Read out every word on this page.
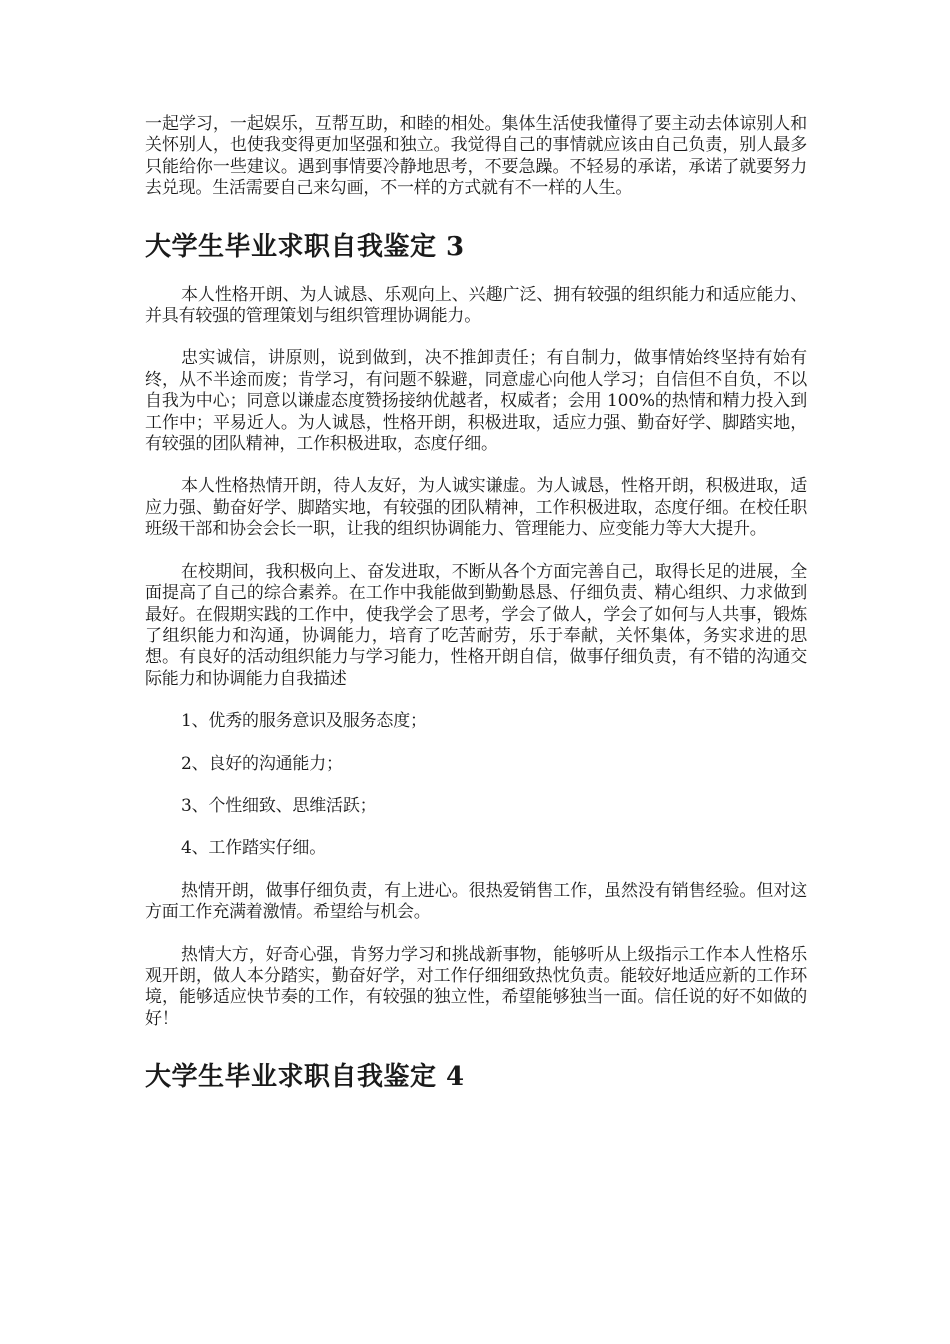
一起学习，一起娱乐，互帮互助，和睦的相处。集体生活使我懂得了要主动去体谅别人和关怀别人，也使我变得更加坚强和独立。我觉得自己的事情就应该由自己负责，别人最多只能给你一些建议。遇到事情要冷静地思考，不要急躁。不轻易的承诺，承诺了就要努力去兑现。生活需要自己来勾画，不一样的方式就有不一样的人生。

大学生毕业求职自我鉴定 3

本人性格开朗、为人诚恳、乐观向上、兴趣广泛、拥有较强的组织能力和适应能力、并具有较强的管理策划与组织管理协调能力。

忠实诚信，讲原则，说到做到，决不推卸责任；有自制力，做事情始终坚持有始有终，从不半途而废；肯学习，有问题不躲避，同意虚心向他人学习；自信但不自负，不以自我为中心；同意以谦虚态度赞扬接纳优越者，权威者；会用 100%的热情和精力投入到工作中；平易近人。为人诚恳，性格开朗，积极进取，适应力强、勤奋好学、脚踏实地，有较强的团队精神，工作积极进取，态度仔细。

本人性格热情开朗，待人友好，为人诚实谦虚。为人诚恳，性格开朗，积极进取，适应力强、勤奋好学、脚踏实地，有较强的团队精神，工作积极进取，态度仔细。在校任职班级干部和协会会长一职，让我的组织协调能力、管理能力、应变能力等大大提升。

在校期间，我积极向上、奋发进取，不断从各个方面完善自己，取得长足的进展，全面提高了自己的综合素养。在工作中我能做到勤勤恳恳、仔细负责、精心组织、力求做到最好。在假期实践的工作中，使我学会了思考，学会了做人，学会了如何与人共事，锻炼了组织能力和沟通，协调能力，培育了吃苦耐劳，乐于奉献，关怀集体，务实求进的思想。有良好的活动组织能力与学习能力，性格开朗自信，做事仔细负责，有不错的沟通交际能力和协调能力自我描述

1、优秀的服务意识及服务态度；

2、良好的沟通能力；

3、个性细致、思维活跃；

4、工作踏实仔细。

热情开朗，做事仔细负责，有上进心。很热爱销售工作，虽然没有销售经验。但对这方面工作充满着激情。希望给与机会。

热情大方，好奇心强，肯努力学习和挑战新事物，能够听从上级指示工作本人性格乐观开朗，做人本分踏实，勤奋好学，对工作仔细细致热忱负责。能较好地适应新的工作环境，能够适应快节奏的工作，有较强的独立性，希望能够独当一面。信任说的好不如做的好！

大学生毕业求职自我鉴定 4
